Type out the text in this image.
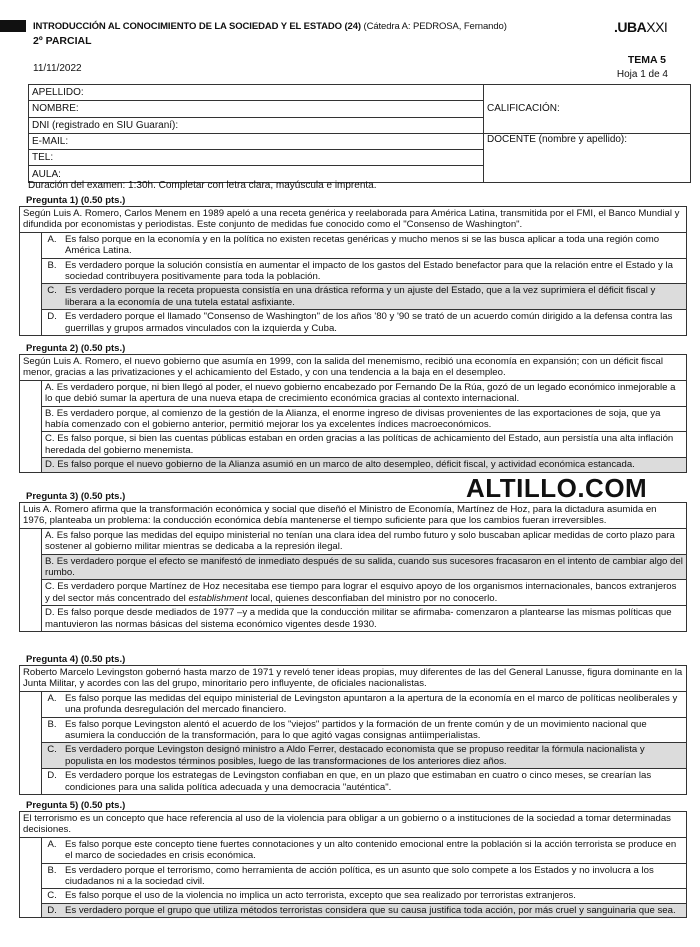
INTRODUCCIÓN AL CONOCIMIENTO DE LA SOCIEDAD Y EL ESTADO (24) (Cátedra A: PEDROSA, Fernando)
2º PARCIAL
.UBAXXI
11/11/2022
TEMA 5
Hoja 1 de 4
APELLIDO:	CALIFICACIÓN:
NOMBRE:	
DNI (registrado en SIU Guaraní):	
E-MAIL:	DOCENTE (nombre y apellido):
TEL:	
AULA:	
Duración del examen: 1:30h. Completar con letra clara, mayúscula e imprenta.
Pregunta 1) (0.50 pts.)
Según Luis A. Romero, Carlos Menem en 1989 apeló a una receta genérica y reelaborada para América Latina, transmitida por el FMI, el Banco Mundial y difundida por economistas y periodistas. Este conjunto de medidas fue conocido como el "Consenso de Washington".
A. Es falso porque en la economía y en la política no existen recetas genéricas y mucho menos si se las busca aplicar a toda una región como América Latina.
B. Es verdadero porque la solución consistía en aumentar el impacto de los gastos del Estado benefactor para que la relación entre el Estado y la sociedad contribuyera positivamente para toda la población.
C. Es verdadero porque la receta propuesta consistía en una drástica reforma y un ajuste del Estado, que a la vez suprimiera el déficit fiscal y liberara a la economía de una tutela estatal asfixiante.
D. Es verdadero porque el llamado "Consenso de Washington" de los años '80 y '90 se trató de un acuerdo común dirigido a la defensa contra las guerrillas y grupos armados vinculados con la izquierda y Cuba.
Pregunta 2) (0.50 pts.)
Según Luis A. Romero, el nuevo gobierno que asumía en 1999, con la salida del menemismo, recibió una economía en expansión; con un déficit fiscal menor, gracias a las privatizaciones y el achicamiento del Estado, y con una tendencia a la baja en el desempleo.
A. Es verdadero porque, ni bien llegó al poder, el nuevo gobierno encabezado por Fernando De la Rúa, gozó de un legado económico inmejorable a lo que debió sumar la apertura de una nueva etapa de crecimiento económica gracias al contexto internacional.
B. Es verdadero porque, al comienzo de la gestión de la Alianza, el enorme ingreso de divisas provenientes de las exportaciones de soja, que ya había comenzado con el gobierno anterior, permitió mejorar los ya excelentes índices macroeconómicos.
C. Es falso porque, si bien las cuentas públicas estaban en orden gracias a las políticas de achicamiento del Estado, aun persistía una alta inflación heredada del gobierno menemista.
D. Es falso porque el nuevo gobierno de la Alianza asumió en un marco de alto desempleo, déficit fiscal, y actividad económica estancada.
ALTILLO.COM
Pregunta 3) (0.50 pts.)
Luis A. Romero afirma que la transformación económica y social que diseñó el Ministro de Economía, Martínez de Hoz, para la dictadura asumida en 1976, planteaba un problema: la conducción económica debía mantenerse el tiempo suficiente para que los cambios fueran irreversibles.
A. Es falso porque las medidas del equipo ministerial no tenían una clara idea del rumbo futuro y solo buscaban aplicar medidas de corto plazo para sostener al gobierno militar mientras se dedicaba a la represión ilegal.
B. Es verdadero porque el efecto se manifestó de inmediato después de su salida, cuando sus sucesores fracasaron en el intento de cambiar algo del rumbo.
C. Es verdadero porque Martínez de Hoz necesitaba ese tiempo para lograr el esquivo apoyo de los organismos internacionales, bancos extranjeros y del sector más concentrado del establishment local, quienes desconfiaban del ministro por no conocerlo.
D. Es falso porque desde mediados de 1977 –y a medida que la conducción militar se afirmaba- comenzaron a plantearse las mismas políticas que mantuvieron las normas básicas del sistema económico vigentes desde 1930.
Pregunta 4) (0.50 pts.)
Roberto Marcelo Levingston gobernó hasta marzo de 1971 y reveló tener ideas propias, muy diferentes de las del General Lanusse, figura dominante en la Junta Militar, y acordes con las del grupo, minoritario pero influyente, de oficiales nacionalistas.
A. Es falso porque las medidas del equipo ministerial de Levingston apuntaron a la apertura de la economía en el marco de políticas neoliberales y una profunda desregulación del mercado financiero.
B. Es falso porque Levingston alentó el acuerdo de los "viejos" partidos y la formación de un frente común y de un movimiento nacional que asumiera la conducción de la transformación, para lo que agitó vagas consignas antiimperialistas.
C. Es verdadero porque Levingston designó ministro a Aldo Ferrer, destacado economista que se propuso reeditar la fórmula nacionalista y populista en los modestos términos posibles, luego de las transformaciones de los anteriores diez años.
D. Es verdadero porque los estrategas de Levingston confiaban en que, en un plazo que estimaban en cuatro o cinco meses, se crearían las condiciones para una salida política adecuada y una democracia "auténtica".
Pregunta 5) (0.50 pts.)
El terrorismo es un concepto que hace referencia al uso de la violencia para obligar a un gobierno o a instituciones de la sociedad a tomar determinadas decisiones.
A. Es falso porque este concepto tiene fuertes connotaciones y un alto contenido emocional entre la población si la acción terrorista se produce en el marco de sociedades en crisis económica.
B. Es verdadero porque el terrorismo, como herramienta de acción política, es un asunto que solo compete a los Estados y no involucra a los ciudadanos ni a la sociedad civil.
C. Es falso porque el uso de la violencia no implica un acto terrorista, excepto que sea realizado por terroristas extranjeros.
D. Es verdadero porque el grupo que utiliza métodos terroristas considera que su causa justifica toda acción, por más cruel y sanguinaria que sea.
